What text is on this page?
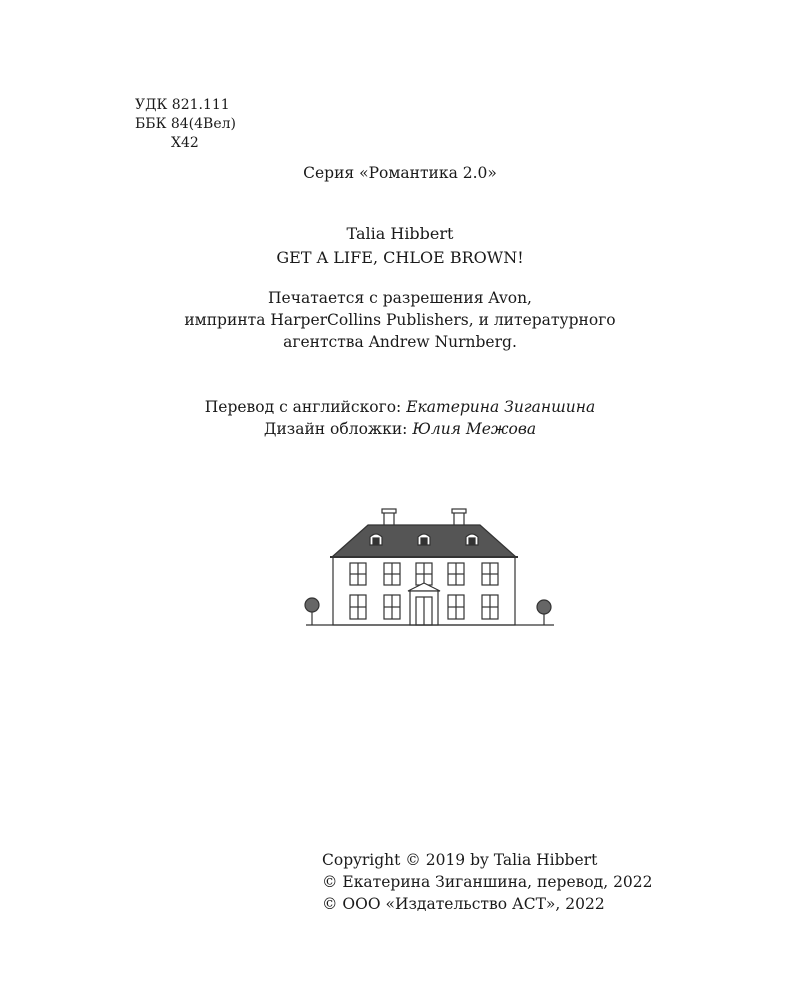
УДК 821.111
ББК 84(4Вел)
Х42
Серия «Романтика 2.0»
Talia Hibbert
GET A LIFE, CHLOE BROWN!
Печатается с разрешения Avon,
импринта HarperCollins Publishers, и литературного
агентства Andrew Nurnberg.
Перевод с английского: Екатерина Зиганшина
Дизайн обложки: Юлия Межова
Copyright © 2019 by Talia Hibbert
© Екатерина Зиганшина, перевод, 2022
© ООО «Издательство АСТ», 2022
